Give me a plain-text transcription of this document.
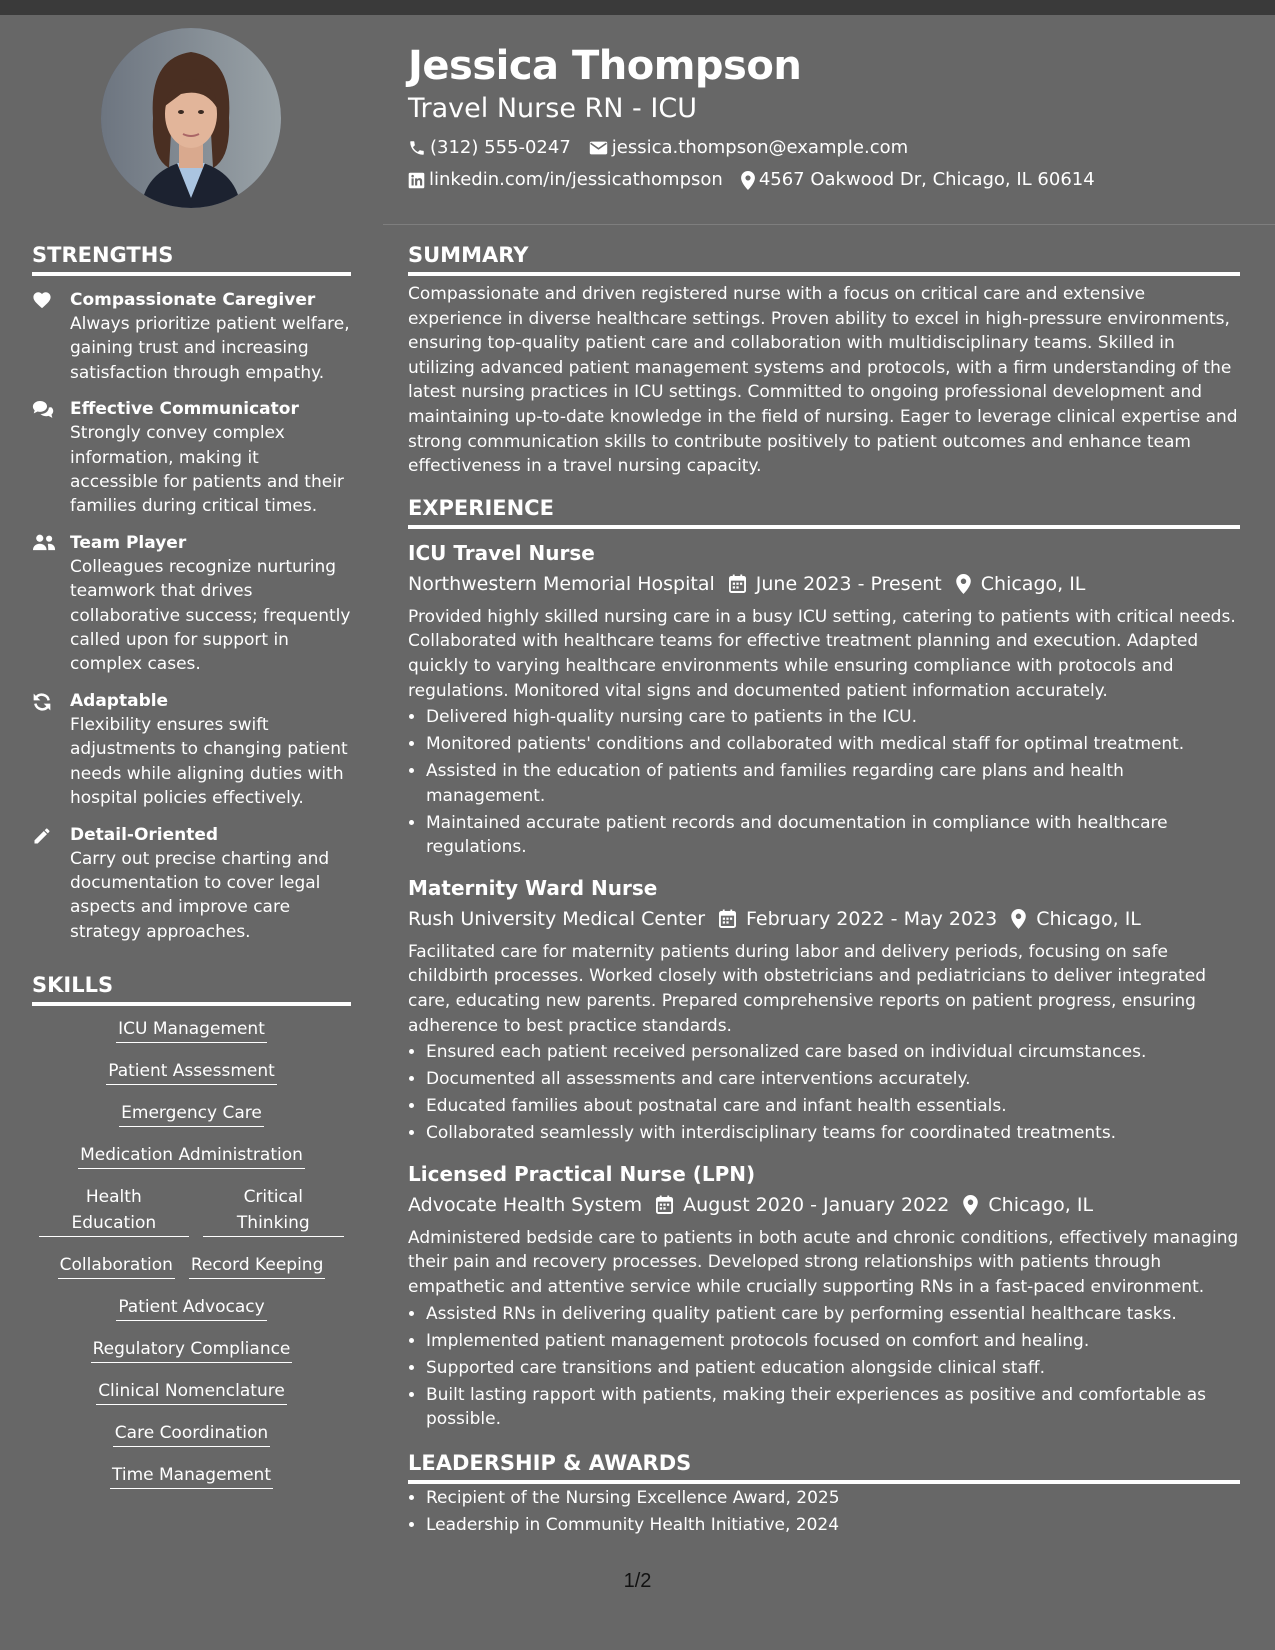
Jessica Thompson
Travel Nurse RN - ICU
(312) 555-0247 jessica.thompson@example.com
linkedin.com/in/jessicathompson 4567 Oakwood Dr, Chicago, IL 60614
STRENGTHS
Compassionate Caregiver
Always prioritize patient welfare, gaining trust and increasing satisfaction through empathy.
Effective Communicator
Strongly convey complex information, making it accessible for patients and their families during critical times.
Team Player
Colleagues recognize nurturing teamwork that drives collaborative success; frequently called upon for support in complex cases.
Adaptable
Flexibility ensures swift adjustments to changing patient needs while aligning duties with hospital policies effectively.
Detail-Oriented
Carry out precise charting and documentation to cover legal aspects and improve care strategy approaches.
SKILLS
ICU Management
Patient Assessment
Emergency Care
Medication Administration
Health Education
Critical Thinking
Collaboration Record Keeping
Patient Advocacy
Regulatory Compliance
Clinical Nomenclature
Care Coordination
Time Management
SUMMARY
Compassionate and driven registered nurse with a focus on critical care and extensive experience in diverse healthcare settings. Proven ability to excel in high-pressure environments, ensuring top-quality patient care and collaboration with multidisciplinary teams. Skilled in utilizing advanced patient management systems and protocols, with a firm understanding of the latest nursing practices in ICU settings. Committed to ongoing professional development and maintaining up-to-date knowledge in the field of nursing. Eager to leverage clinical expertise and strong communication skills to contribute positively to patient outcomes and enhance team effectiveness in a travel nursing capacity.
EXPERIENCE
ICU Travel Nurse
Northwestern Memorial Hospital June 2023 - Present Chicago, IL
Provided highly skilled nursing care in a busy ICU setting, catering to patients with critical needs. Collaborated with healthcare teams for effective treatment planning and execution. Adapted quickly to varying healthcare environments while ensuring compliance with protocols and regulations. Monitored vital signs and documented patient information accurately.
• Delivered high-quality nursing care to patients in the ICU.
• Monitored patients' conditions and collaborated with medical staff for optimal treatment.
• Assisted in the education of patients and families regarding care plans and health management.
• Maintained accurate patient records and documentation in compliance with healthcare regulations.
Maternity Ward Nurse
Rush University Medical Center February 2022 - May 2023 Chicago, IL
Facilitated care for maternity patients during labor and delivery periods, focusing on safe childbirth processes. Worked closely with obstetricians and pediatricians to deliver integrated care, educating new parents. Prepared comprehensive reports on patient progress, ensuring adherence to best practice standards.
• Ensured each patient received personalized care based on individual circumstances.
• Documented all assessments and care interventions accurately.
• Educated families about postnatal care and infant health essentials.
• Collaborated seamlessly with interdisciplinary teams for coordinated treatments.
Licensed Practical Nurse (LPN)
Advocate Health System August 2020 - January 2022 Chicago, IL
Administered bedside care to patients in both acute and chronic conditions, effectively managing their pain and recovery processes. Developed strong relationships with patients through empathetic and attentive service while crucially supporting RNs in a fast-paced environment.
• Assisted RNs in delivering quality patient care by performing essential healthcare tasks.
• Implemented patient management protocols focused on comfort and healing.
• Supported care transitions and patient education alongside clinical staff.
• Built lasting rapport with patients, making their experiences as positive and comfortable as possible.
LEADERSHIP & AWARDS
• Recipient of the Nursing Excellence Award, 2025
• Leadership in Community Health Initiative, 2024
1/2
